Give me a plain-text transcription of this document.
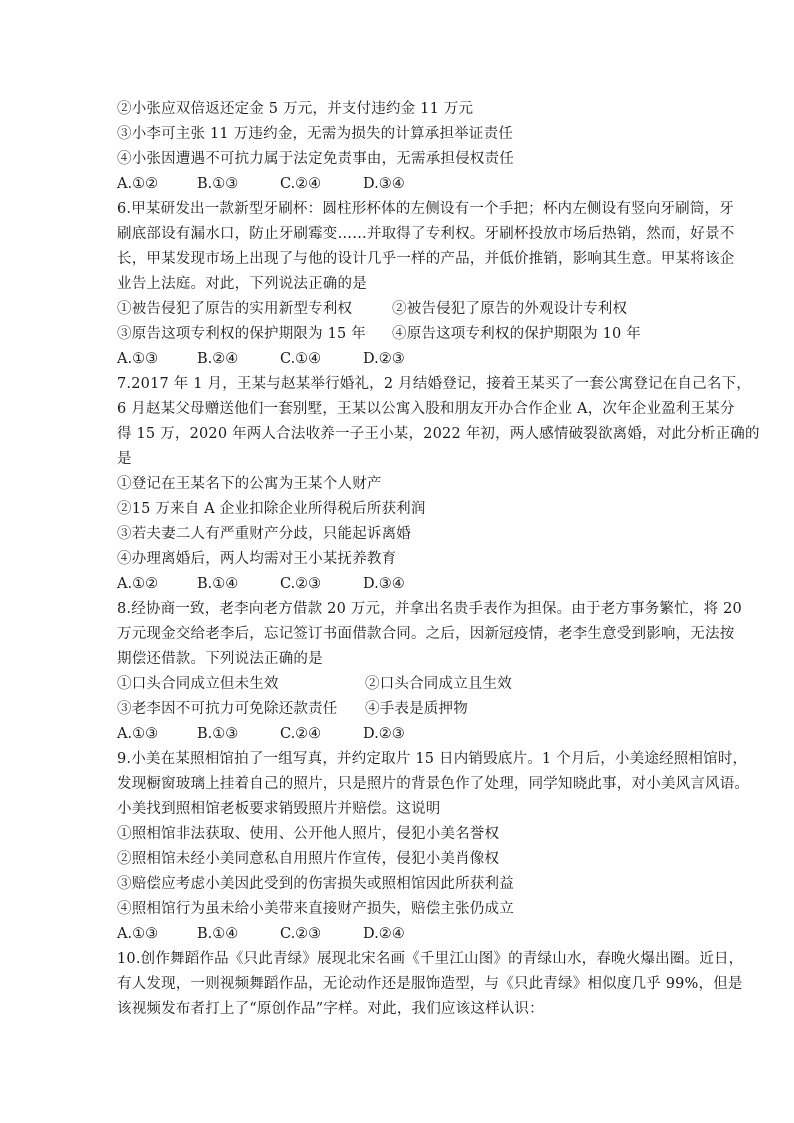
②小张应双倍返还定金 5 万元，并支付违约金 11 万元
③小李可主张 11 万违约金，无需为损失的计算承担举证责任
④小张因遭遇不可抗力属于法定免责事由，无需承担侵权责任
A.①②	B.①③	C.②④	D.③④
6.甲某研发出一款新型牙刷杯：圆柱形杯体的左侧设有一个手把；杯内左侧设有竖向牙刷筒，牙
刷底部设有漏水口，防止牙刷霉变……并取得了专利权。牙刷杯投放市场后热销，然而，好景不
长，甲某发现市场上出现了与他的设计几乎一样的产品，并低价推销，影响其生意。甲某将该企
业告上法庭。对此，下列说法正确的是
①被告侵犯了原告的实用新型专利权	②被告侵犯了原告的外观设计专利权
③原告这项专利权的保护期限为 15 年 ④原告这项专利权的保护期限为 10 年
A.①③	B.②④	C.①④	D.②③
7.2017 年 1 月，王某与赵某举行婚礼，2 月结婚登记，接着王某买了一套公寓登记在自己名下，
6 月赵某父母赠送他们一套别墅，王某以公寓入股和朋友开办合作企业 A，次年企业盈利王某分
得 15 万，2020 年两人合法收养一子王小某，2022 年初，两人感情破裂欲离婚，对此分析正确的
是
①登记在王某名下的公寓为王某个人财产
②15 万来自 A 企业扣除企业所得税后所获利润
③若夫妻二人有严重财产分歧，只能起诉离婚
④办理离婚后，两人均需对王小某抚养教育
A.①②	B.①④	C.②③	D.③④
8.经协商一致，老李向老方借款 20 万元，并拿出名贵手表作为担保。由于老方事务繁忙，将 20
万元现金交给老李后，忘记签订书面借款合同。之后，因新冠疫情，老李生意受到影响，无法按
期偿还借款。下列说法正确的是
①口头合同成立但未生效	②口头合同成立且生效
③老李因不可抗力可免除还款责任 ④手表是质押物
A.①③	B.①③	C.②④	D.②③
9.小美在某照相馆拍了一组写真，并约定取片 15 日内销毁底片。1 个月后，小美途经照相馆时，
发现橱窗玻璃上挂着自己的照片，只是照片的背景色作了处理，同学知晓此事，对小美风言风语。
小美找到照相馆老板要求销毁照片并赔偿。这说明
①照相馆非法获取、使用、公开他人照片，侵犯小美名誉权
②照相馆未经小美同意私自用照片作宣传，侵犯小美肖像权
③赔偿应考虑小美因此受到的伤害损失或照相馆因此所获利益
④照相馆行为虽未给小美带来直接财产损失，赔偿主张仍成立
A.①③	B.①④	C.②③	D.②④
10.创作舞蹈作品《只此青绿》展现北宋名画《千里江山图》的青绿山水，春晚火爆出圈。近日，
有人发现，一则视频舞蹈作品，无论动作还是服饰造型，与《只此青绿》相似度几乎 99%，但是
该视频发布者打上了“原创作品”字样。对此，我们应该这样认识：
